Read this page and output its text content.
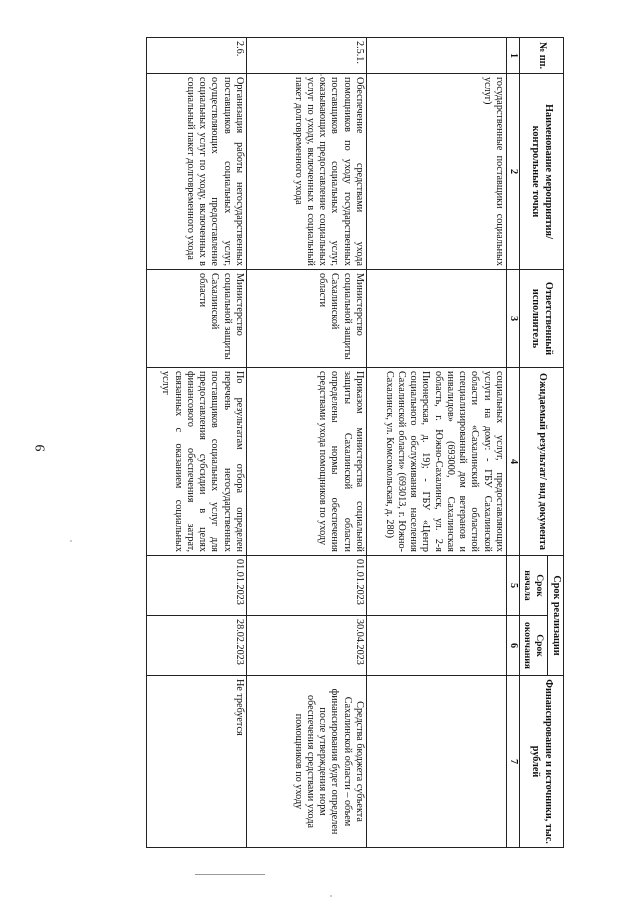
9
№ пп.	Наименование мероприятия/ контрольные точки	Ответственный исполнитель	Ожидаемый результат/ вид документа	Срок реализации		Финансирование и источники, тыс. рублей
				Срок начала	Срок окончания	
1	2	3	4	5	6	7
	государственные поставщики социальных услуг)		социальных услуг, предоставляющих услуги на дому: - ГБУ Сахалинской области «Сахалинский областной специализированный дом ветеранов и инвалидов» (693000, Сахалинская область, г. Южно-Сахалинск, ул. 2-я Пионерская, д. 19); - ГБУ «Центр социального обслуживания населения Сахалинской области» (693013, г. Южно-Сахалинск, ул. Комсомольская, д. 280)			
2.5.1.	Обеспечение средствами ухода помощников по уходу государственных поставщиков социальных услуг, оказывающих предоставление социальных услуг по уходу, включенных в социальный пакет долговременного ухода	Министерство социальной защиты Сахалинской области	Приказом министерства социальной защиты Сахалинской области определены нормы обеспечения средствами ухода помощников по уходу	01.01.2023	30.04.2023	Средства бюджета субъекта Сахалинской области – объем финансирования будет определен после утверждения норм обеспечения средствами ухода помощников по уходу
2.6.	Организация работы негосударственных поставщиков социальных услуг, осуществляющих предоставление социальных услуг по уходу, включенных в социальный пакет долговременного ухода	Министерство социальной защиты Сахалинской области	По результатам отбора определен перечень негосударственных поставщиков социальных услуг для предоставления субсидии в целях финансового обеспечения затрат, связанных с оказанием социальных услуг	01.01.2023	28.02.2023	Не требуется
